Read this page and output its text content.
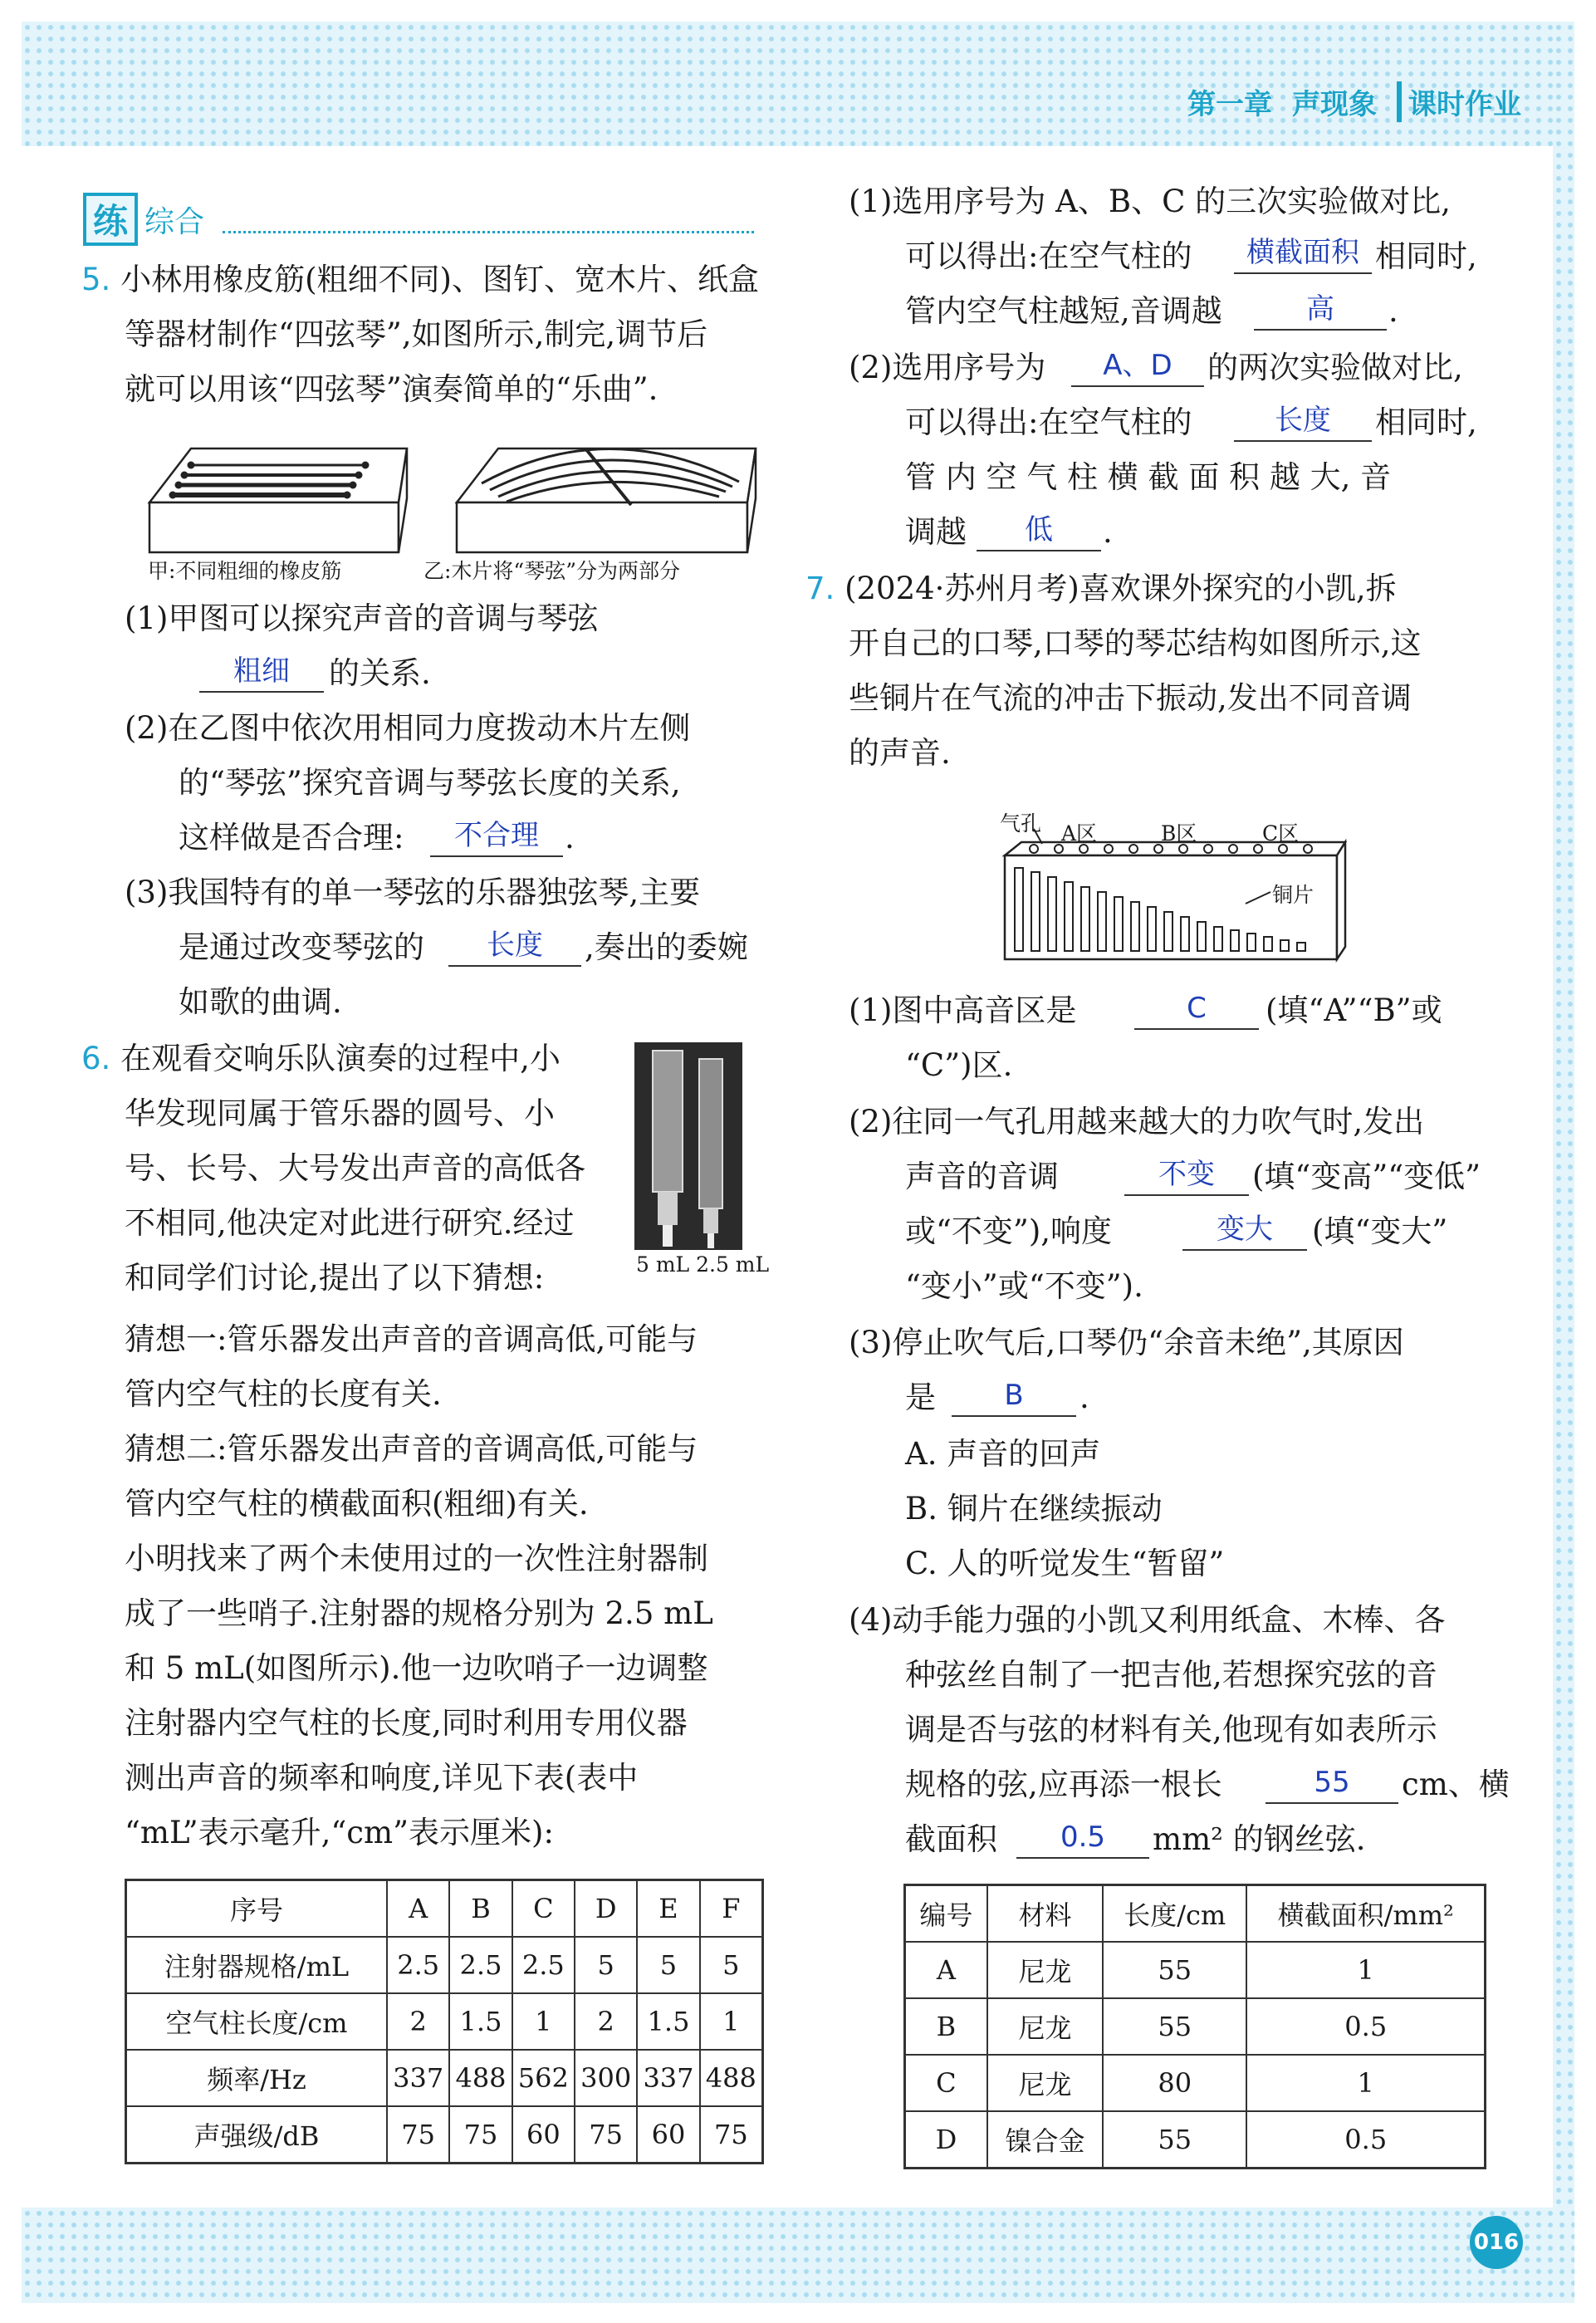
第一章 声现象	课时作业
练 综合
5. 小林用橡皮筋(粗细不同)、图钉、宽木片、纸盒
等器材制作“四弦琴”,如图所示,制完,调节后
就可以用该“四弦琴”演奏简单的“乐曲”.
甲:不同粗细的橡皮筋	乙:木片将“琴弦”分为两部分
(1)甲图可以探究声音的音调与琴弦
粗细	的关系.
(2)在乙图中依次用相同力度拨动木片左侧
的“琴弦”探究音调与琴弦长度的关系,
这样做是否合理:	不合理 .
(3)我国特有的单一琴弦的乐器独弦琴,主要
是通过改变琴弦的	长度	,奏出的委婉
如歌的曲调.
6. 在观看交响乐队演奏的过程中,小
华发现同属于管乐器的圆号、小
号、长号、大号发出声音的高低各
不相同,他决定对此进行研究.经过
和同学们讨论,提出了以下猜想:	5 mL 2.5 mL
猜想一:管乐器发出声音的音调高低,可能与
管内空气柱的长度有关.
猜想二:管乐器发出声音的音调高低,可能与
管内空气柱的横截面积(粗细)有关.
小明找来了两个未使用过的一次性注射器制
成了一些哨子.注射器的规格分别为 2.5 mL
和 5 mL(如图所示).他一边吹哨子一边调整
注射器内空气柱的长度,同时利用专用仪器
测出声音的频率和响度,详见下表(表中
“mL”表示毫升,“cm”表示厘米):
序号	A	B	C	D	E	F
注射器规格/mL	2.5	2.5	2.5	5	5	5
空气柱长度/cm	2	1.5	1	2	1.5	1
频率/Hz	337	488	562	300	337	488
声强级/dB	75	75	60	75	60	75
(1)选用序号为 A、B、C 的三次实验做对比,
可以得出:在空气柱的	横截面积 相同时,
管内空气柱越短,音调越	高	.
(2)选用序号为	A、D	的两次实验做对比,
可以得出:在空气柱的	长度	相同时,
管 内 空 气 柱 横 截 面 积 越 大, 音
调越	低	.
7. (2024·苏州月考)喜欢课外探究的小凯,拆
开自己的口琴,口琴的琴芯结构如图所示,这
些铜片在气流的冲击下振动,发出不同音调
的声音.
气孔 A区	B区	C区
铜片
(1)图中高音区是	C	(填“A”“B”或
“C”)区.
(2)往同一气孔用越来越大的力吹气时,发出
声音的音调	不变	(填“变高”“变低”
或“不变”),响度	变大	(填“变大”
“变小”或“不变”).
(3)停止吹气后,口琴仍“余音未绝”,其原因
是	B	.
A. 声音的回声
B. 铜片在继续振动
C. 人的听觉发生“暂留”
(4)动手能力强的小凯又利用纸盒、木棒、各
种弦丝自制了一把吉他,若想探究弦的音
调是否与弦的材料有关,他现有如表所示
规格的弦,应再添一根长	55	cm、横
截面积	0.5	mm² 的钢丝弦.
编号	材料	长度/cm	横截面积/mm²
A	尼龙	55	1
B	尼龙	55	0.5
C	尼龙	80	1
D	镍合金	55	0.5
016
